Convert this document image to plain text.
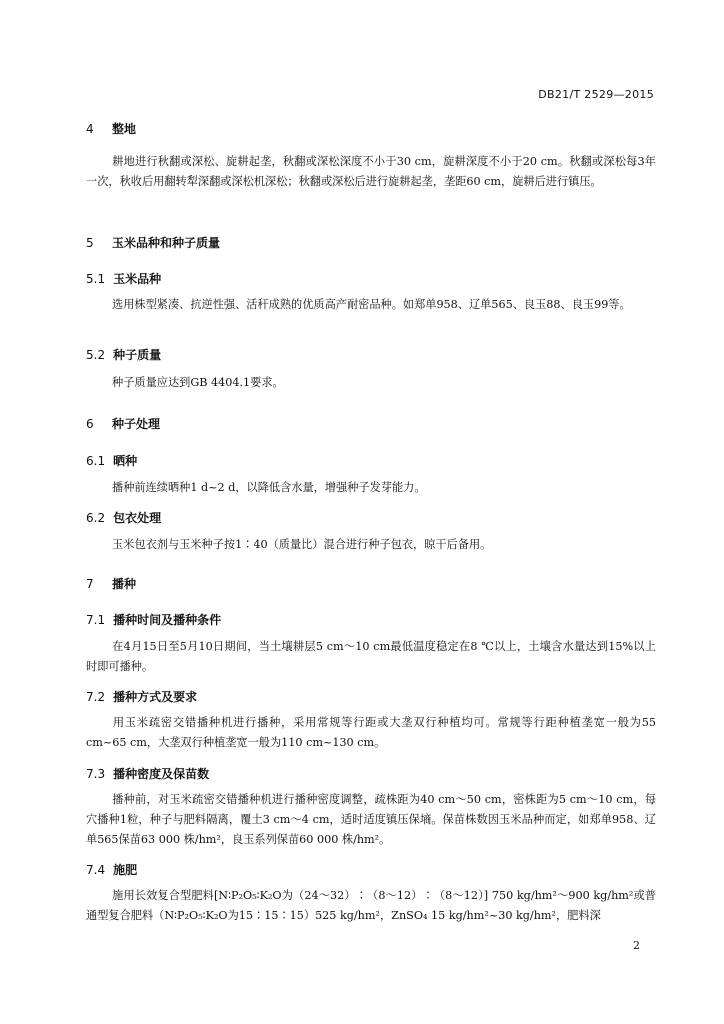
DB21/T 2529—2015
4 整地
耕地进行秋翻或深松、旋耕起垄，秋翻或深松深度不小于30 cm，旋耕深度不小于20 cm。秋翻或深松每3年一次，秋收后用翻转犁深翻或深松机深松；秋翻或深松后进行旋耕起垄，垄距60 cm，旋耕后进行镇压。
5 玉米品种和种子质量
5.1 玉米品种
选用株型紧凑、抗逆性强、活秆成熟的优质高产耐密品种。如郑单958、辽单565、良玉88、良玉99等。
5.2 种子质量
种子质量应达到GB 4404.1要求。
6 种子处理
6.1 晒种
播种前连续晒种1 d~2 d，以降低含水量，增强种子发芽能力。
6.2 包衣处理
玉米包衣剂与玉米种子按1∶40（质量比）混合进行种子包衣，晾干后备用。
7 播种
7.1 播种时间及播种条件
在4月15日至5月10日期间，当土壤耕层5 cm～10 cm最低温度稳定在8 ℃以上，土壤含水量达到15%以上时即可播种。
7.2 播种方式及要求
用玉米疏密交错播种机进行播种，采用常规等行距或大垄双行种植均可。常规等行距种植垄宽一般为55 cm~65 cm，大垄双行种植垄宽一般为110 cm~130 cm。
7.3 播种密度及保苗数
播种前，对玉米疏密交错播种机进行播种密度调整，疏株距为40 cm～50 cm，密株距为5 cm～10 cm，每穴播种1粒，种子与肥料隔离，覆土3 cm～4 cm，适时适度镇压保墒。保苗株数因玉米品种而定，如郑单958、辽单565保苗63 000 株/hm²，良玉系列保苗60 000 株/hm²。
7.4 施肥
施用长效复合型肥料[N∶P₂O₅∶K₂O为（24～32）∶（8～12）∶（8～12）] 750 kg/hm²～900 kg/hm²或普通型复合肥料（N∶P₂O₅∶K₂O为15∶15∶15）525 kg/hm²，ZnSO₄ 15 kg/hm²~30 kg/hm²，肥料深
2
